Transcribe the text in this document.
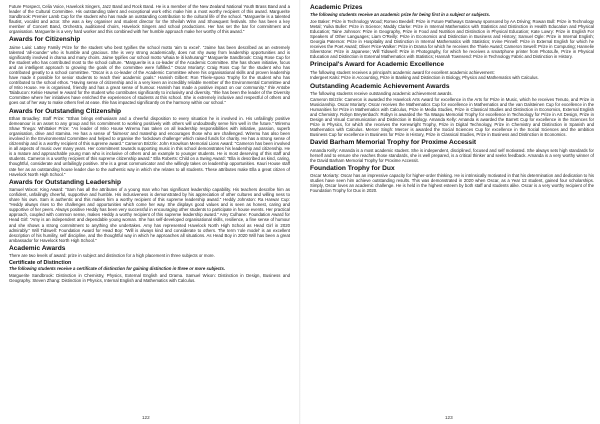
Future Prospect, Celia Voice, Havelock Singers, Jazz Band and Rock Band. He is a member of the New Zealand National Youth Brass Band and a leader of the Cultural Committee. His outstanding talent and exceptional work ethic make him a most worthy recipient of this award. Marguerite Sandbrook: Premier Lamb Cup for the student who has made an outstanding contribution to the cultural life of the school. "Marguerite is a talented flautist, vocalist and actor. She was a key organiser and student director for the Sheilah Winn and Showquest festivals. She has been a key member of Concert Band, Orchestra, auditioned choirs, Havelock Singers and school productions. Her has set the bar for commitment and organisation. Marguerite is a very hard worker and this combined with her humble approach make her worthy of this award."

Awards for Citizenship

Jaime Luisi: Lattey Family Prize for the student who best typifies the school motto 'aim to excel'. "Jaime has been described as an extremely talented 'all-rounder' who is humble and gracious. She is very strong academically, does not shy away from leadership opportunities and is significantly involved in drama and many choirs. Jaime typifies our school motto 'whaia te iti kahurangi'" Marguerite Sandbrook: Craig Rose Cup for the student who has contributed most to the school culture. "Marguerite is a co-leader of the Academic Committee. She has shown initiative, focus and an intelligent approach to growing the goals of the committee were fulfilled." Oscar Moriarty: Craig Ross Cup for the student who has contributed greatly to a school committee. "Oscar is a co-leader of the Academic Committee where his organisational skills and proven leadership have made it possible for senior students to reach their academic goals." Hamish Gilbert: Ron Thiele-sposo Trophy for the student who has contributed to the school ethos. "Having sense of citizenship and is a very keen an incredibly reliable member of the Environmental Committee and of Miro House. He is organised, friendly and has a great sense of humour. Hamish has made a positive impact on our community." Ihle Antobe Talabucon: Kelsie Hawnel Ie Award for the student who contributes significantly to inclusivity and diversity. "Ihle has been the leader of the Diversity Committee where her initiatives have enriched the experiences of students at this school. She is extremely inclusive and respectful of others and goes out of her way to make others feel at ease. Ihle has impacted significantly on the harmony within our school."

Awards for Outstanding Citizenship

Ethan Broadley: Staff Prize: "Ethan brings enthusiasm and a cheerful disposition to every situation he is involved in. His unfailingly positive demeanour is an asset to any group and his commitment to working positively with others will undoubtedly serve him well in the future." Wiremu Shaw Tinega: Whittaker Prize: "As leader of Miro House Wiremu has taken on all leadership responsibilities with initiative, passion, superb organisation, drive and stamina. He has a sense of 'fairness' and mateship and encourages those who are challenged. Wiremu has also been involved in the Environmental Committee and helped to organise the 'lockdown challenge' which raised funds for charity. He has a strong sense of citizenship and is a worthy recipient of this supreme award." Cameron Brizzle: John Knowlson Memorial Lions Award: "Cameron has been involved in all aspects of music over many years. Her commitment towards supporting music in this school demonstrates his leadership and citizenship. He is a mature and approachable young man who is inclusive of others and an example to younger students. He is most deserving of this staff and students. Cameron is a worthy recipient of this supreme citizenship award." Ella Roberts: Child on a Swing Award: "Ella is described as kind, caring, thoughtful, considerate and unfailingly positive. She is a great communicator and she willingly takes on leadership opportunities. Kauri House staff rate her as an outstanding house leader due to the authentic way in which she relates to all students. These attributes make Ella a great citizen of Havelock North High School."

Awards for Outstanding Leadership

Samuel Wixon: King Award: "Sam has all the attributes of a young man who has significant leadership capability. His teachers describe him as confident, unfailingly cheerful, supportive and humble. His inclusiveness is demonstrated by his appreciation of other cultures and willing ness to share his own. Sam is authentic and this makes him a worthy recipient of this supreme leadership award." Heddy Johnston: Ra Harwar Cup: "Heddy always rises to the challenges and opportunities which come her way. She displays good values and is seen as honest, caring and supportive of her peers. Always positive Heddy has been very successful in encouraging other students to participate in house events. Her practical approach, coupled with common sense, makes Heddy a worthy recipient of this supreme leadership award." Amy Culhane: Foundation Award for Head Girl: "Amy is an independent and dependable young woman. She has self-developed organisational skills, resilience, a fine sense of humour and she shows a strong commitment to anything she undertakes. Amy has represented Havelock North High School as Head Girl in 2020 admirably." Will Tidswell: Foundation Award for Head Boy: "Will is always kind and considerate to others. The term 'role model' is an excellent description of his humility, self discipline, and the thoughtful way in which he approaches all situations. As Head Boy in 2020 Will has been a great ambassador for Havelock North High School."

Academic Awards

There are two levels of award: prize in subject and distinction for a high placement in three subjects or more.

Certificate of Distinction
The following students receive a certificate of distinction for gaining distinction in three or more subjects.

Marguerite Sandbrook: Distinction in Chemistry, Physics, External English and Drama. Samuel Wixon: Distinction in Design, Business and Geography. Steven Zhang: Distinction in Physics, Internal English and Mathematics with Calculus.

122
Academic Prizes
The following students receive an academic prize for being first in a subject or subjects.

Joe Baker: Prize in Technology Wood; Romeo Beedell: Prize in Future Pathways Gateway sponsored by AA Driving; Rowan Bull: Prize in Technology Metal; Yuika Buller: Prize in Science; Maddy Clarke: Prize in Internal Mathematics with Statistics and Distinction in Health Education and Physical Education; Taine Johnson: Prize in Geography, Prize in Food and Nutrition and Distinction in Physical Education; Kate Lowry: Prize in English For Speakers of Other Languages; Liam O'Reilly: Prize in Economics and Distinction in Business and History; Samuel Ogle: Prize in Internal English; Georgia Paterson: Prize in Hospitality and Distinction in Internal Mathematics with Statistics; Irvine Pinnell: Prize in External English for which he receives the Poet Award; Oliver Price-Walker: Prize in Drama for which he receives the Thiele Award; Cameron Sewell: Prize in Computing; Hannelie Silverstone: Prize in Japanese; Will Tidswell: Prize in Photography, for which he receives a smartphone printer from PhotoLife, Prize in Physical Education and Distinction in External Mathematics with Statistics; Hannah Townsend: Prize in Technology Fabric and Distinction in History.

Principal's Award for Academic Excellence

The following student receives a principal's academic award for excellent academic achievement:

Indergeet Kalsi: Prize in Accounting, Prize in Banking and Distinction in Biology, Physics and Mathematics with Calculus.

Outstanding Academic Achievement Awards

The following students receive outstanding academic achievement awards.

Cameron Brizzle: Cameron is awarded the Havelock Arts Award for excellence in the Arts for Prize in Music, which he receives Tenuto, and Prize in Musicianship. Oscar Moriarty: Oscar receives the Mathematics Cup for excellence in Mathematics and the van Dalsteinen Cup for excellence in the Humanities for Prize in Mathematics with Calculus, Prize in Media Studies, Prize in Classical Studies and Distinction in Economics, External English and Chemistry. Robyn Breytenbach: Robyn is awarded the Tia Waapu Memorial Trophy for excellence in Technology for Prize in Art Design, Prize in Design and Visual Communication and Distinction in Biology. Amanda Kelly: Amanda is awarded the Barrett Cup for excellence in the Sciences for Prize in Physics, for which she receives the Kerewright Trophy, Prize in Digital Technology, Prize in Chemistry and Distinction in Spanish and Mathematics with Calculus. Mercer Singh: Mercer is awarded the Social Sciences Cup for excellence in the Social Sciences and the ambition Business Cup for excellence in Business for Prize in History, Prize in Classical Studies, Prize in Business and Distinction in Economics.

David Barham Memorial Trophy for Proxime Accessit

Amanda Kelly: Amanda is a most academic student. She is independent, disciplined, focused and self motivated. She always sets high standards for herself and to ensure she reaches those standards, she is well prepared, is a critical thinker and seeks feedback. Amanda is a very worthy winner of the David Barham Memorial Trophy for Proxime Accessit.

Foundation Trophy for Dux

Oscar Moriarty: Oscar has an impressive capacity for higher-order thinking. He is intrinsically motivated in that his determination and dedication to his studies have seen him achieve outstanding results. This was demonstrated in 2020 when Oscar, as a Year 12 student, gained four scholarships. Simply, Oscar loves an academic challenge. He is held in the highest esteem by both staff and students alike. Oscar is a very worthy recipient of the Foundation Trophy for Dux in 2020.

123
